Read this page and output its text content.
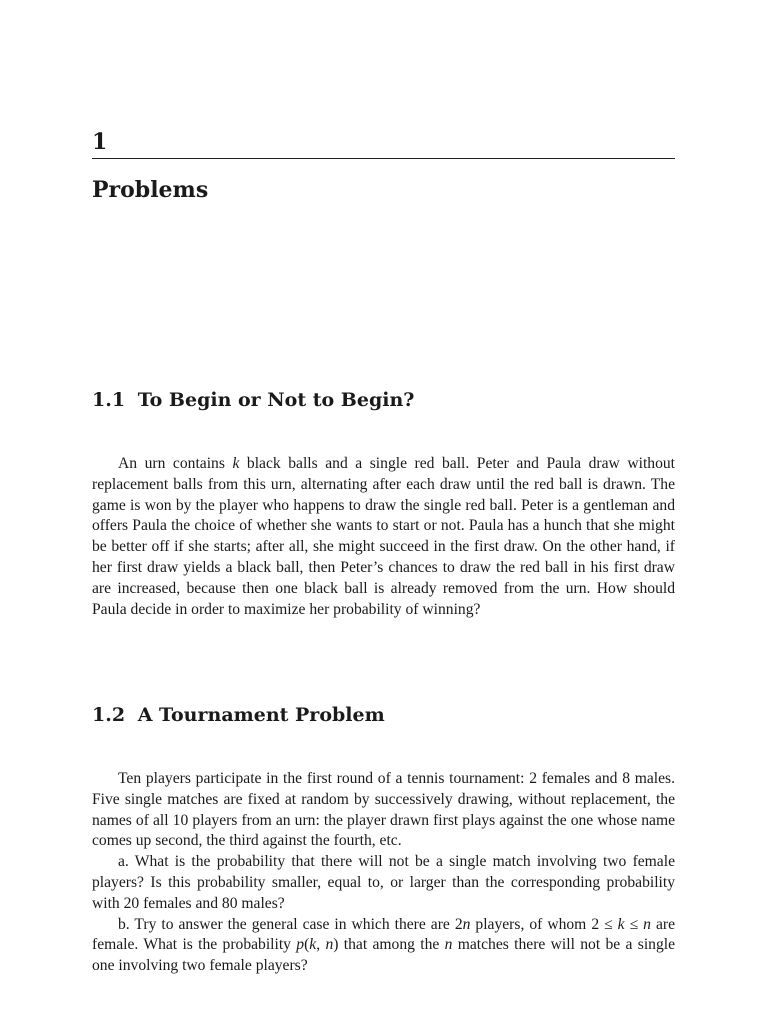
1
Problems
1.1 To Begin or Not to Begin?

An urn contains k black balls and a single red ball. Peter and Paula draw without replacement balls from this urn, alternating after each draw until the red ball is drawn. The game is won by the player who happens to draw the single red ball. Peter is a gentleman and offers Paula the choice of whether she wants to start or not. Paula has a hunch that she might be better off if she starts; after all, she might succeed in the first draw. On the other hand, if her first draw yields a black ball, then Peter’s chances to draw the red ball in his first draw are increased, because then one black ball is already removed from the urn. How should Paula decide in order to maximize her probability of winning?

1.2 A Tournament Problem

Ten players participate in the first round of a tennis tournament: 2 females and 8 males. Five single matches are fixed at random by successively drawing, without replacement, the names of all 10 players from an urn: the player drawn first plays against the one whose name comes up second, the third against the fourth, etc.

a. What is the probability that there will not be a single match involving two female players? Is this probability smaller, equal to, or larger than the corresponding probability with 20 females and 80 males?

b. Try to answer the general case in which there are 2n players, of whom 2 ≤ k ≤ n are female. What is the probability p(k, n) that among the n matches there will not be a single one involving two female players?
